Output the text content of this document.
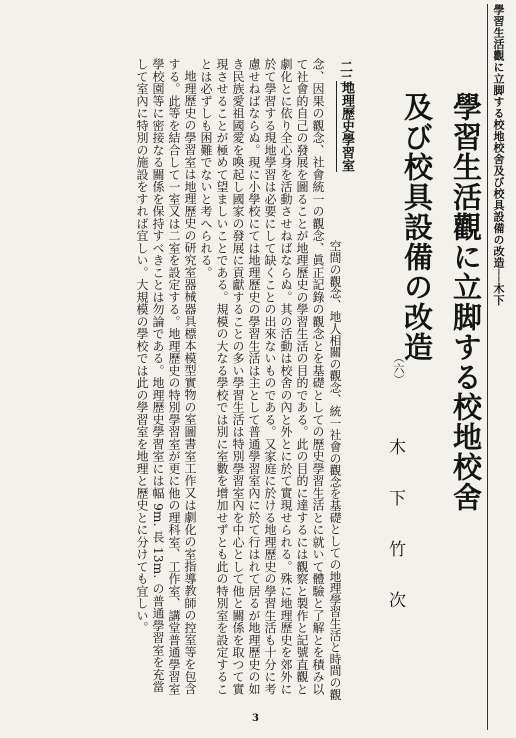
學習生活觀に立脚する校地校舍及び校具設備の改造──木下
學習生活觀に立脚する校地校舍
及び校具設備の改造
（六）
木下竹次
二二
地理歷史學習室
空間の觀念、地人相關の觀念、統一社會の觀念を基礎としての地理學習生活と時間の觀
念、因果の觀念、社會統一の觀念、眞正記錄の觀念とを基礎としての歷史學習生活とに就いて體驗と了解とを積み以
て社會的自己の發展を圖ることが地理歷史の學習生活の目的である。此の目的に達するには觀察と製作と記號直觀と
劇化とに依り全心身を活動させねばならぬ。其の活動は校舍の內と外とに於て實現せられる。殊に地理歷史を郊外に
於て學習する現地學習は必要にして缺くことの出來ないものである。又家庭に於ける地理歷史の學習生活も十分に考
慮せねばならぬ。現に小學校にては地理歷史の學習生活は主として普通學習室內に於て行はれて居るが地理歷史の如
き民族愛祖國愛を喚起し國家の發展に貢獻することの多い學習生活は特別學習室內を中心として他と關係を取つて實
現させることが極めて望ましいことである。規模の大なる學校では別に室數を增加せずとも此の特別室を設定するこ
とは必ずしも困難でないと考へられる。
地理歷史の學習室は地理歷史の研究室器械器具標本模型實物の室圖書室工作又は劇化の室指導教師の控室等を包含
する。此等を結合して一室又は二室を設定する。地理歷史の特別學習室が更に他の理科室、工作室、講堂普通學習室
學校園等に密接なる關係を保持すべきことは勿論である。地理歷史學習室には幅 9m. 長 13m. の普通學習室を充當
して室內に特別の施設をすれば宜しい。大規模の學校では此の學習室を地理と歷史とに分けても宜しい。
3
